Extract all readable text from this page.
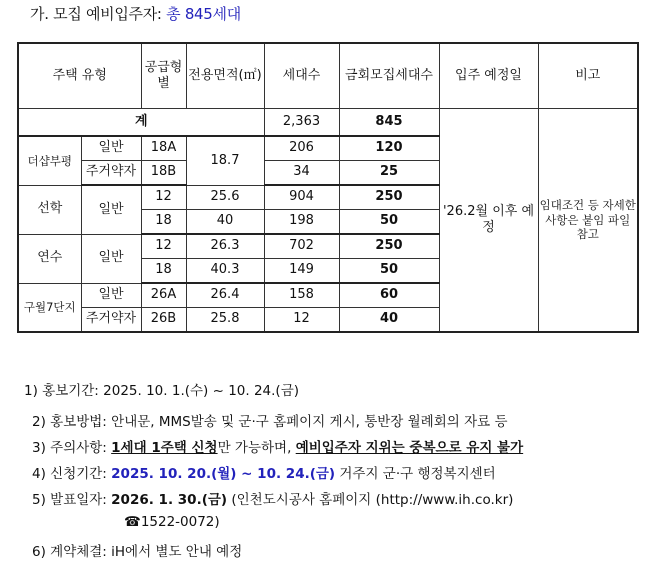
가. 모집 예비입주자: 총 845세대
주택 유형		공급형별	전용면적(㎡)	세대수	금회모집세대수	입주 예정일	비고
계				2,363	845	'26.2월 이후 예정	임대조건 등 자세한 사항은 붙임 파일 참고
더샵부평	일반	18A	18.7	206	120		
	주거약자	18B		34	25		
선학	일반	12	25.6	904	250		
		18	40	198	50		
연수	일반	12	26.3	702	250		
		18	40.3	149	50		
구월7단지	일반	26A	26.4	158	60		
	주거약자	26B	25.8	12	40		
1) 홍보기간: 2025. 10. 1.(수) ~ 10. 24.(금)
2) 홍보방법: 안내문, MMS발송 및 군·구 홈페이지 게시, 통반장 월례회의 자료 등
3) 주의사항: 1세대 1주택 신청만 가능하며, 예비입주자 지위는 중복으로 유지 불가
4) 신청기간: 2025. 10. 20.(월) ~ 10. 24.(금) 거주지 군·구 행정복지센터
5) 발표일자: 2026. 1. 30.(금) (인천도시공사 홈페이지 (http://www.ih.co.kr)
☎1522-0072)
6) 계약체결: iH에서 별도 안내 예정
